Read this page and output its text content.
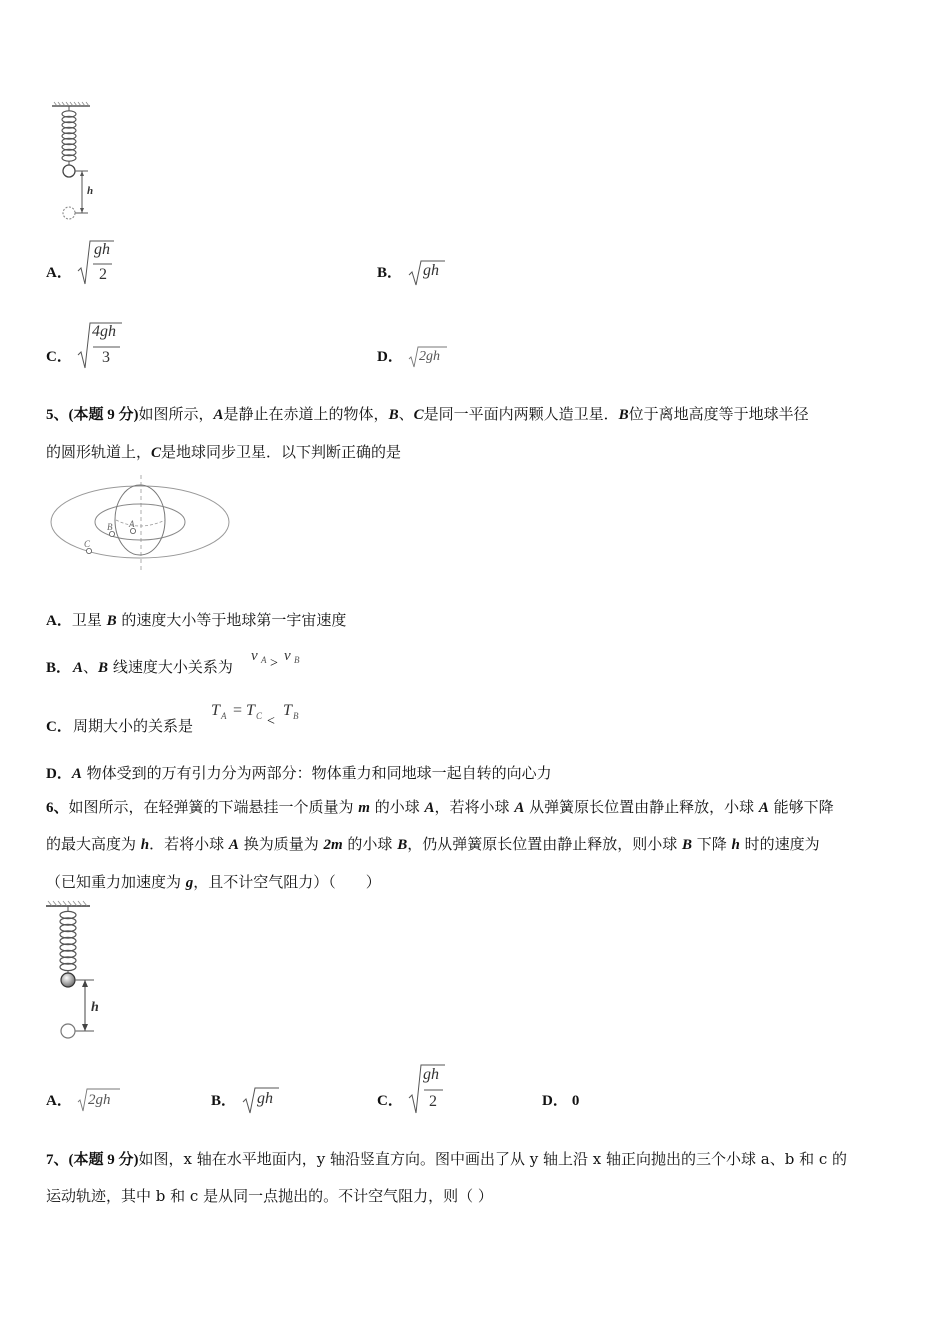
h
A．
gh
2	B． gh
C．
4gh
3	D． 2gh
5、(本题 9 分)如图所示，A是静止在赤道上的物体，B、C是同一平面内两颗人造卫星．B位于离地高度等于地球半径
的圆形轨道上，C是地球同步卫星．以下判断正确的是
A
B
C
A．卫星 B 的速度大小等于地球第一宇宙速度
B． A、B 线速度大小关系为
v A > v B
C． 周期大小的关系是
T A = T C <
T B
D．A 物体受到的万有引力分为两部分：物体重力和同地球一起自转的向心力
6、如图所示，在轻弹簧的下端悬挂一个质量为 m 的小球 A，若将小球 A 从弹簧原长位置由静止释放，小球 A 能够下降
的最大高度为 h．若将小球 A 换为质量为 2m 的小球 B，仍从弹簧原长位置由静止释放，则小球 B 下降 h 时的速度为
（已知重力加速度为 g，且不计空气阻力）（　　）
h
A． 2gh	B． gh	C．
gh
2	D． 0
7、(本题 9 分)如图，x 轴在水平地面内，y 轴沿竖直方向。图中画出了从 y 轴上沿 x 轴正向抛出的三个小球 a、b 和 c 的
运动轨迹，其中 b 和 c 是从同一点抛出的。不计空气阻力，则（ ）
